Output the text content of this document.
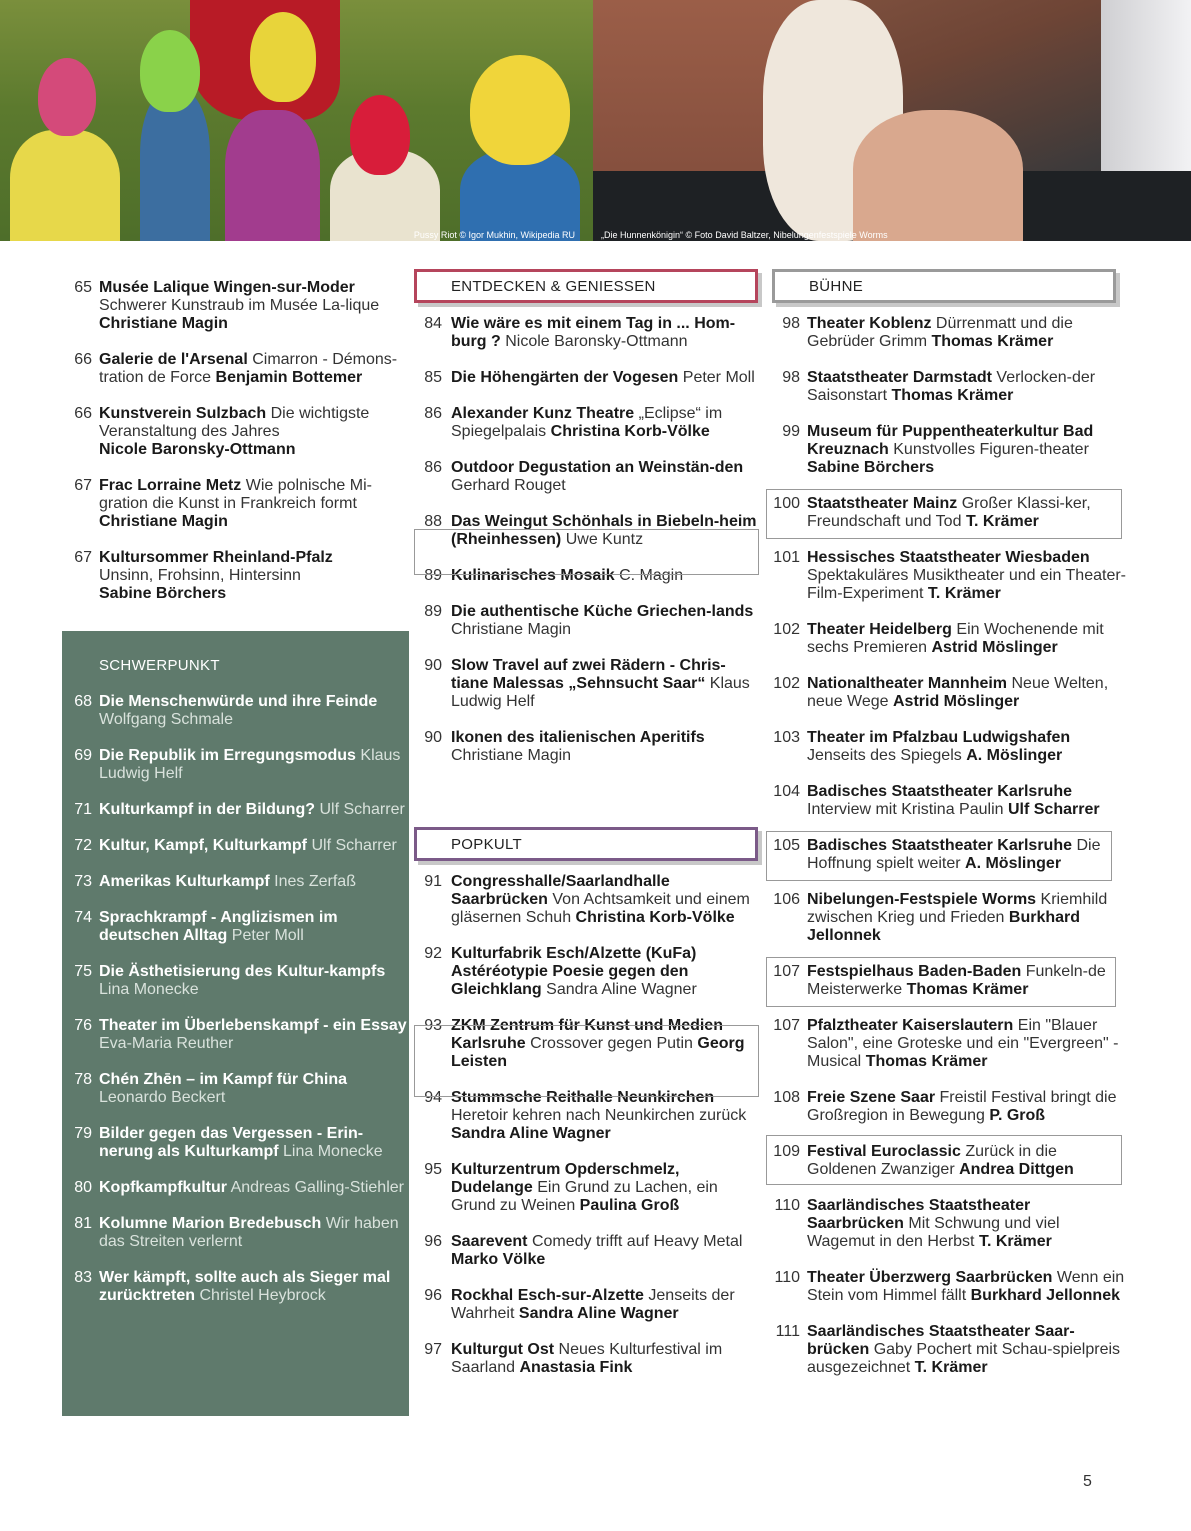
Pussy Riot © Igor Mukhin, Wikipedia RU	„Die Hunnenkönigin“ © Foto David Baltzer, Nibelungenfestspiele Worms
65 Musée Lalique Wingen-sur-Moder
Schwerer Kunstraub im Musée La-lique Christiane Magin
66 Galerie de l'Arsenal Cimarron - Démons-tration de Force Benjamin Bottemer
66 Kunstverein Sulzbach Die wichtigste Veranstaltung des Jahres
Nicole Baronsky-Ottmann
67 Frac Lorraine Metz Wie polnische Mi-gration die Kunst in Frankreich formt
Christiane Magin
67 Kultursommer Rheinland-Pfalz
Unsinn, Frohsinn, Hintersinn
Sabine Börchers
SCHWERPUNKT
68 Die Menschenwürde und ihre Feinde Wolfgang Schmale
69 Die Republik im Erregungsmodus Klaus Ludwig Helf
71 Kulturkampf in der Bildung? Ulf Scharrer
72 Kultur, Kampf, Kulturkampf Ulf Scharrer
73 Amerikas Kulturkampf Ines Zerfaß
74 Sprachkrampf - Anglizismen im deutschen Alltag Peter Moll
75 Die Ästhetisierung des Kultur-kampfs Lina Monecke
76 Theater im Überlebenskampf - ein Essay Eva-Maria Reuther
78 Chén Zhēn – im Kampf für China Leonardo Beckert
79 Bilder gegen das Vergessen - Erin-nerung als Kulturkampf Lina Monecke
80 Kopfkampfkultur Andreas Galling-Stiehler
81 Kolumne Marion Bredebusch Wir haben das Streiten verlernt
83 Wer kämpft, sollte auch als Sieger mal zurücktreten Christel Heybrock
ENTDECKEN & GENIESSEN
84 Wie wäre es mit einem Tag in ... Hom-burg ? Nicole Baronsky-Ottmann
85 Die Höhengärten der Vogesen Peter Moll
86 Alexander Kunz Theatre „Eclipse“ im Spiegelpalais Christina Korb-Völke
86 Outdoor Degustation an Weinstän-den Gerhard Rouget
88 Das Weingut Schönhals in Biebeln-heim (Rheinhessen) Uwe Kuntz
89 Kulinarisches Mosaik C. Magin
89 Die authentische Küche Griechen-lands Christiane Magin
90 Slow Travel auf zwei Rädern - Chris-tiane Malessas „Sehnsucht Saar“ Klaus Ludwig Helf
90 Ikonen des italienischen Aperitifs Christiane Magin
POPKULT
91 Congresshalle/Saarlandhalle Saarbrücken Von Achtsamkeit und einem gläsernen Schuh Christina Korb-Völke
92 Kulturfabrik Esch/Alzette (KuFa) Astéréotypie Poesie gegen den Gleichklang Sandra Aline Wagner
93 ZKM Zentrum für Kunst und Medien Karlsruhe Crossover gegen Putin Georg Leisten
94 Stummsche Reithalle Neunkirchen Heretoir kehren nach Neunkirchen zurück Sandra Aline Wagner
95 Kulturzentrum Opderschmelz, Dudelange Ein Grund zu Lachen, ein Grund zu Weinen Paulina Groß
96 Saarevent Comedy trifft auf Heavy Metal Marko Völke
96 Rockhal Esch-sur-Alzette Jenseits der Wahrheit Sandra Aline Wagner
97 Kulturgut Ost Neues Kulturfestival im Saarland Anastasia Fink
BÜHNE
98 Theater Koblenz Dürrenmatt und die Gebrüder Grimm Thomas Krämer
98 Staatstheater Darmstadt Verlocken-der Saisonstart Thomas Krämer
99 Museum für Puppentheaterkultur Bad Kreuznach Kunstvolles Figuren-theater Sabine Börchers
100 Staatstheater Mainz Großer Klassi-ker, Freundschaft und Tod T. Krämer
101 Hessisches Staatstheater Wiesbaden Spektakuläres Musiktheater und ein Theater-Film-Experiment T. Krämer
102 Theater Heidelberg Ein Wochenende mit sechs Premieren Astrid Möslinger
102 Nationaltheater Mannheim Neue Welten, neue Wege Astrid Möslinger
103 Theater im Pfalzbau Ludwigshafen Jenseits des Spiegels A. Möslinger
104 Badisches Staatstheater Karlsruhe Interview mit Kristina Paulin Ulf Scharrer
105 Badisches Staatstheater Karlsruhe Die Hoffnung spielt weiter A. Möslinger
106 Nibelungen-Festspiele Worms Kriemhild zwischen Krieg und Frieden Burkhard Jellonnek
107 Festspielhaus Baden-Baden Funkeln-de Meisterwerke Thomas Krämer
107 Pfalztheater Kaiserslautern Ein "Blauer Salon", eine Groteske und ein "Evergreen" -Musical Thomas Krämer
108 Freie Szene Saar Freistil Festival bringt die Großregion in Bewegung P. Groß
109 Festival Euroclassic Zurück in die Goldenen Zwanziger Andrea Dittgen
110 Saarländisches Staatstheater Saarbrücken Mit Schwung und viel Wagemut in den Herbst T. Krämer
110 Theater Überzwerg Saarbrücken Wenn ein Stein vom Himmel fällt Burkhard Jellonnek
111 Saarländisches Staatstheater Saar-brücken Gaby Pochert mit Schau-spielpreis ausgezeichnet T. Krämer
5
